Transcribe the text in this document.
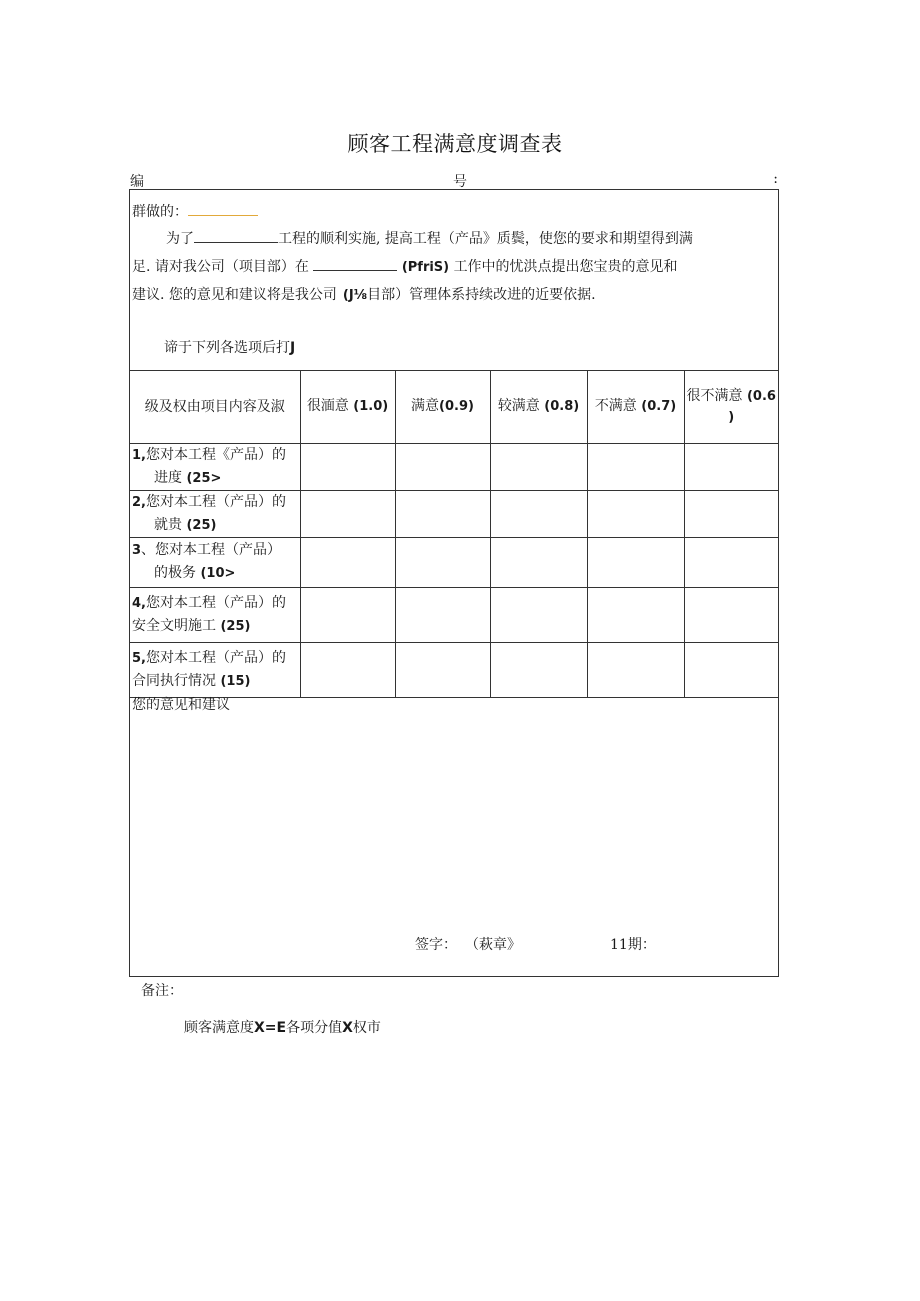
顾客工程满意度调查表
编	号	:

群做的：

为了	工程的顺利实施, 提高工程（产品》质鬓，使您的要求和期望得到满

足. 请对我公司（项目部）在	(PfriS) 工作中的忧洪点提出您宝贵的意见和

建议. 您的意见和建议将是我公司 (J⅛目部）管理体系持续改进的近要依据.

谛于下列各选项后打J

级及权由项目内容及淑	很湎意 (1.0)	满意(0.9)	较满意 (0.8)	不满意 (0.7)	很不满意 (0.6
)
1,您对本工程《产品）的
进度 (25>					

2,您对本工程（产品）的
就贵 (25)					

3、您对本工程（产品）
的极务 (10>					

4,您对本工程（产品）的
安全文明施工 (25)					

5,您对本工程（产品）的
合同执行情况 (15)					

您的意见和建议
签字： （萩章》	11期：
备注：
顾客满意度X=E各项分值X权市
